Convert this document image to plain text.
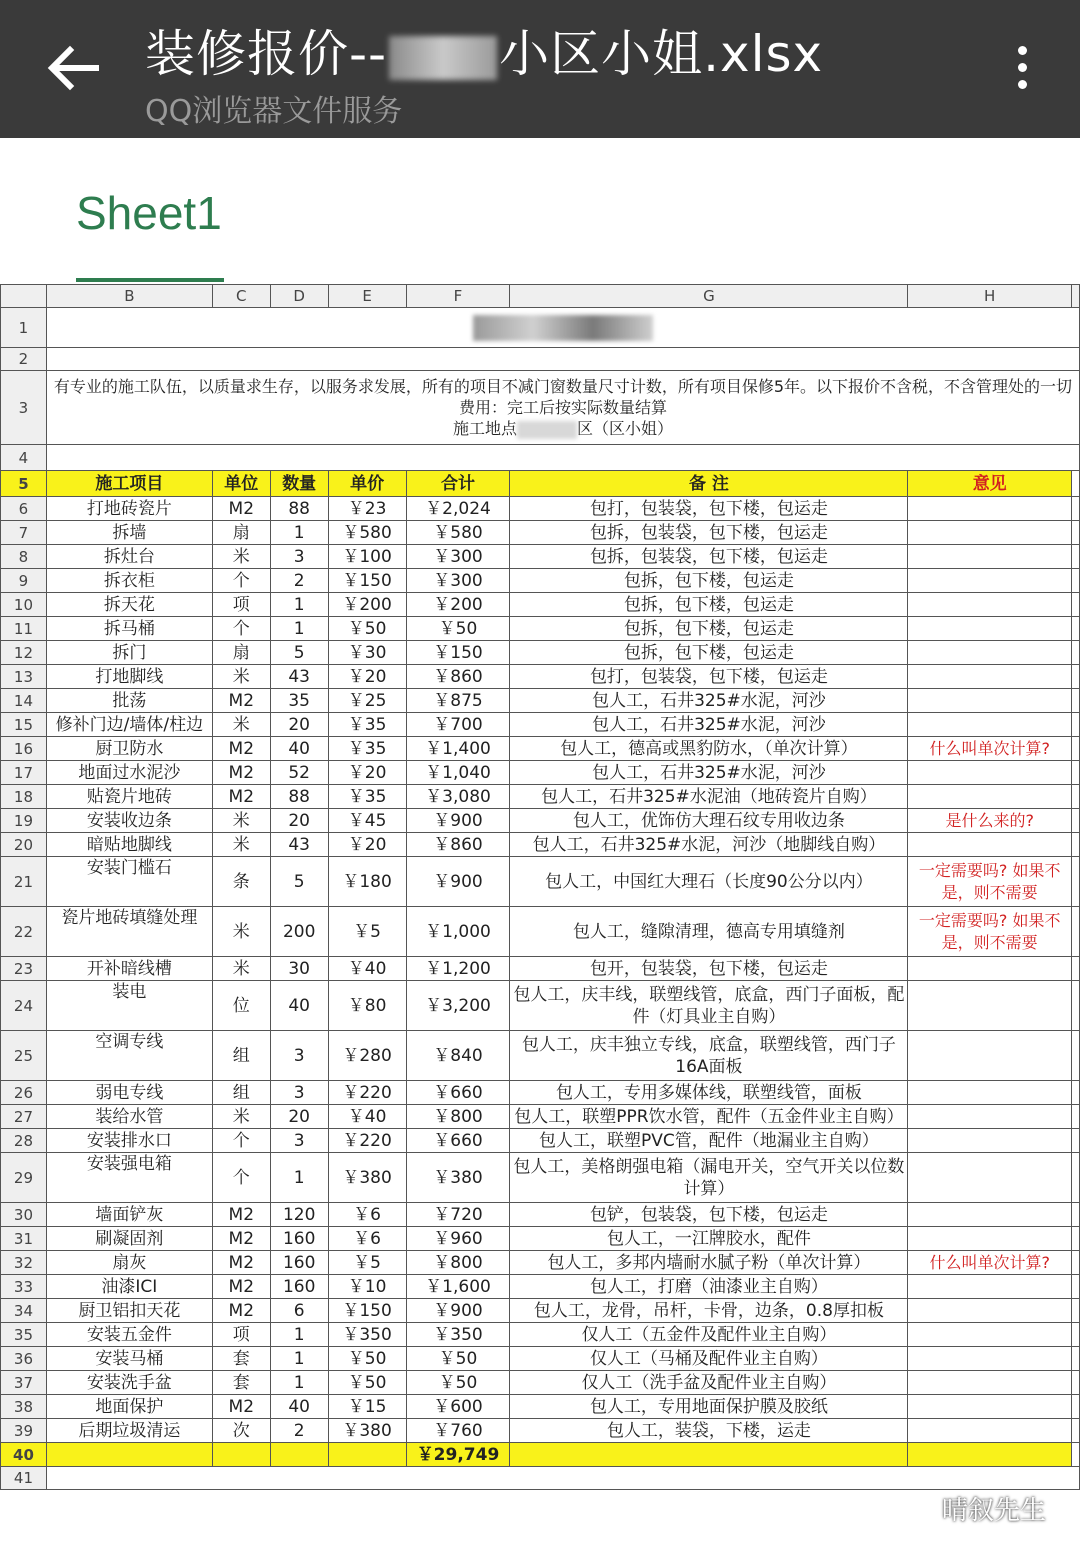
装修报价-- 小区小姐.xlsx
QQ浏览器文件服务
Sheet1
	B	C	D	E	F	G	H	
1								
2								
3	有专业的施工队伍，以质量求生存，以服务求发展，所有的项目不减门窗数量尺寸计数，所有项目保修5年。以下报价不含税，不含管理处的一切费用：完工后按实际数量结算
施工地点 区（区小姐）							

4								
5	施工项目	单位	数量	单价	合计	备 注	意见	
6	打地砖瓷片	M2	88	￥23	￥2,024	包打，包装袋，包下楼，包运走		
7	拆墙	扇	1	￥580	￥580	包拆，包装袋，包下楼，包运走		
8	拆灶台	米	3	￥100	￥300	包拆，包装袋，包下楼，包运走		
9	拆衣柜	个	2	￥150	￥300	包拆，包下楼，包运走		
10	拆天花	项	1	￥200	￥200	包拆，包下楼，包运走		
11	拆马桶	个	1	￥50	￥50	包拆，包下楼，包运走		
12	拆门	扇	5	￥30	￥150	包拆，包下楼，包运走		
13	打地脚线	米	43	￥20	￥860	包打，包装袋，包下楼，包运走		
14	批荡	M2	35	￥25	￥875	包人工，石井325#水泥，河沙		
15	修补门边/墙体/柱边	米	20	￥35	￥700	包人工，石井325#水泥，河沙		
16	厨卫防水	M2	40	￥35	￥1,400	包人工，德高或黑豹防水，（单次计算）	什么叫单次计算?	
17	地面过水泥沙	M2	52	￥20	￥1,040	包人工，石井325#水泥，河沙		
18	贴瓷片地砖	M2	88	￥35	￥3,080	包人工，石井325#水泥油（地砖瓷片自购）		
19	安装收边条	米	20	￥45	￥900	包人工，优饰仿大理石纹专用收边条	是什么来的?	
20	暗贴地脚线	米	43	￥20	￥860	包人工，石井325#水泥，河沙（地脚线自购）		
21	安装门槛石	条	5	￥180	￥900	包人工，中国红大理石（长度90公分以内）	一定需要吗? 如果不是，则不需要	
22	瓷片地砖填缝处理	米	200	￥5	￥1,000	包人工，缝隙清理，德高专用填缝剂	一定需要吗? 如果不是，则不需要	
23	开补暗线槽	米	30	￥40	￥1,200	包开，包装袋，包下楼，包运走		
24	装电	位	40	￥80	￥3,200	包人工，庆丰线，联塑线管，底盒，西门子面板，配件（灯具业主自购）		
25	空调专线	组	3	￥280	￥840	包人工，庆丰独立专线，底盒，联塑线管，西门子16A面板		
26	弱电专线	组	3	￥220	￥660	包人工，专用多媒体线，联塑线管，面板		
27	装给水管	米	20	￥40	￥800	包人工，联塑PPR饮水管，配件（五金件业主自购）		
28	安装排水口	个	3	￥220	￥660	包人工，联塑PVC管，配件（地漏业主自购）		
29	安装强电箱	个	1	￥380	￥380	包人工，美格朗强电箱（漏电开关，空气开关以位数计算）		
30	墙面铲灰	M2	120	￥6	￥720	包铲，包装袋，包下楼，包运走		
31	刷凝固剂	M2	160	￥6	￥960	包人工，一江牌胶水，配件		
32	扇灰	M2	160	￥5	￥800	包人工，多邦内墙耐水腻子粉（单次计算）	什么叫单次计算?	
33	油漆ICI	M2	160	￥10	￥1,600	包人工，打磨（油漆业主自购）		
34	厨卫铝扣天花	M2	6	￥150	￥900	包人工，龙骨，吊杆，卡骨，边条，0.8厚扣板		
35	安装五金件	项	1	￥350	￥350	仅人工（五金件及配件业主自购）		
36	安装马桶	套	1	￥50	￥50	仅人工（马桶及配件业主自购）		
37	安装洗手盆	套	1	￥50	￥50	仅人工（洗手盆及配件业主自购）		
38	地面保护	M2	40	￥15	￥600	包人工，专用地面保护膜及胶纸		
39	后期垃圾清运	次	2	￥380	￥760	包人工，装袋，下楼，运走		
40					￥29,749			
41								
晴叙先生
